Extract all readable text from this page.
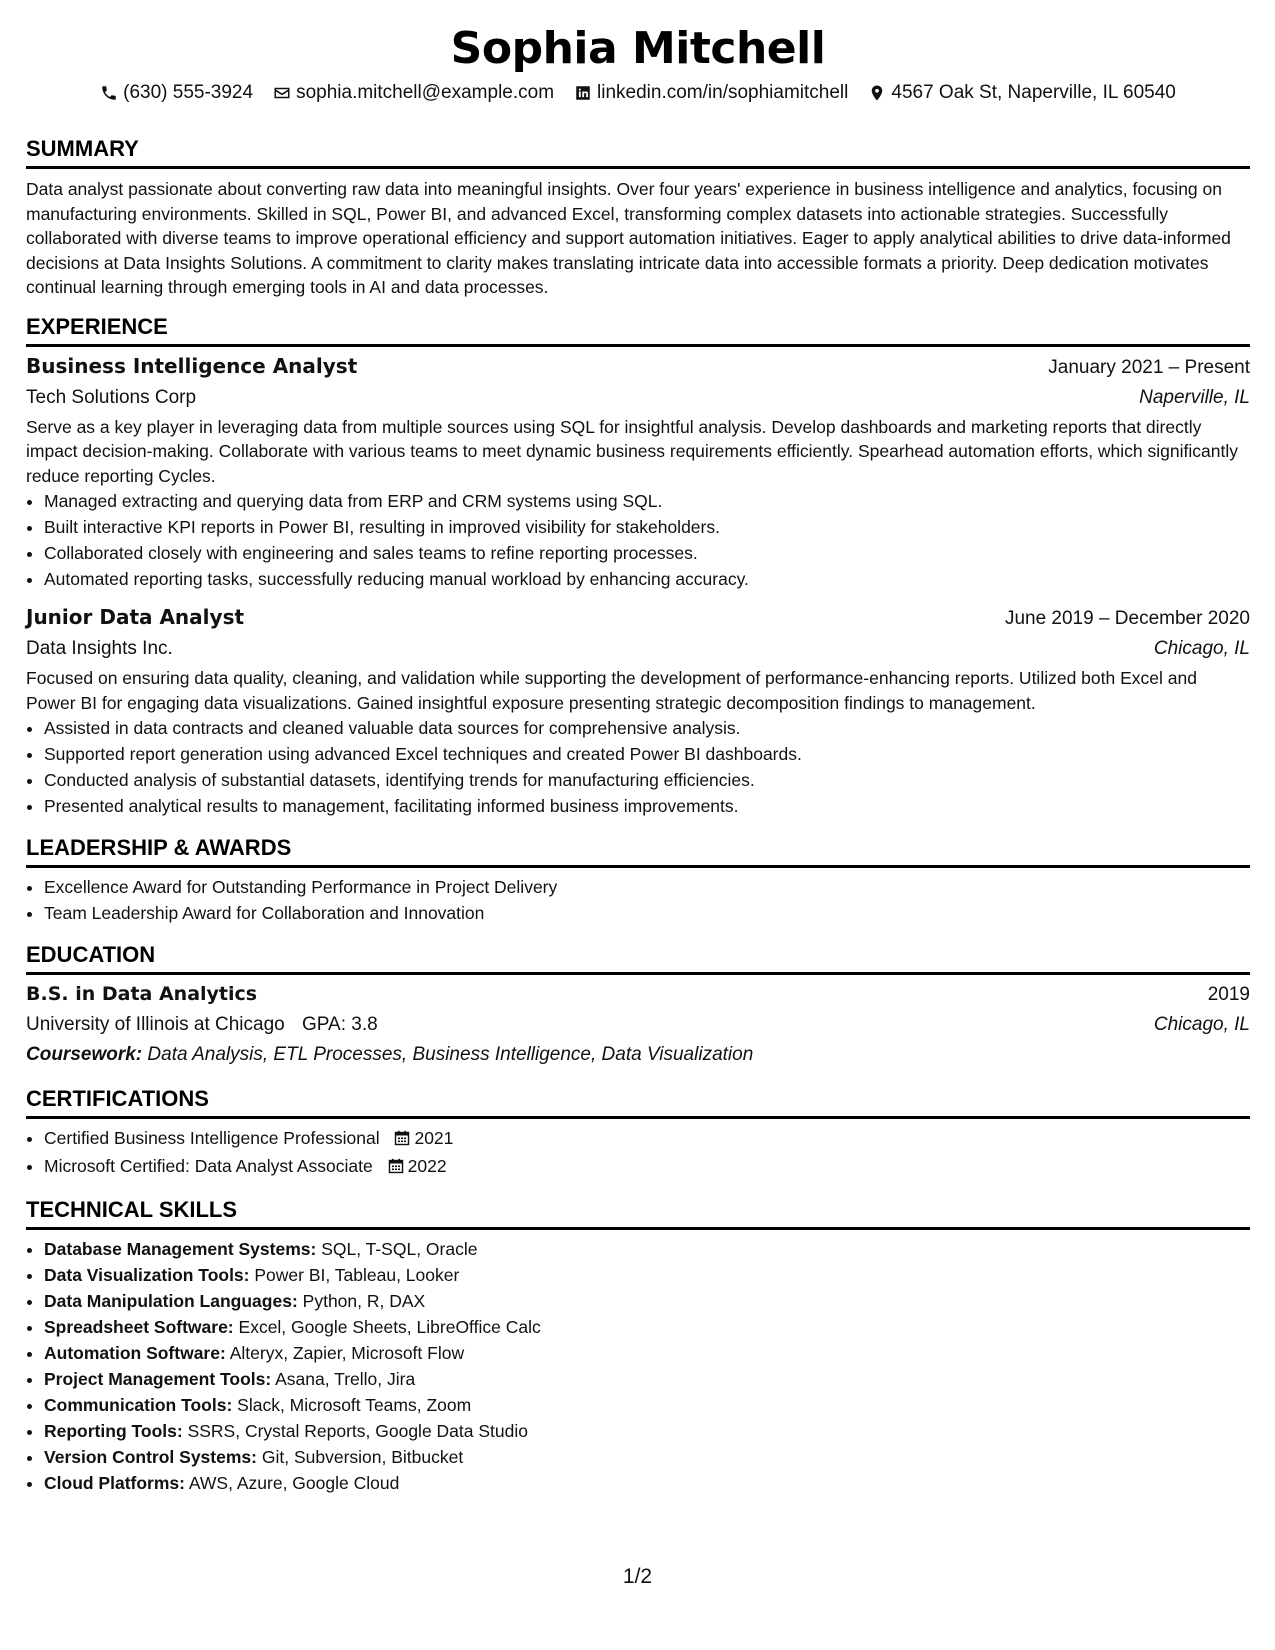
Sophia Mitchell
(630) 555-3924 sophia.mitchell@example.com linkedin.com/in/sophiamitchell 4567 Oak St, Naperville, IL 60540
SUMMARY

Data analyst passionate about converting raw data into meaningful insights. Over four years' experience in business intelligence and analytics, focusing on manufacturing environments. Skilled in SQL, Power BI, and advanced Excel, transforming complex datasets into actionable strategies. Successfully collaborated with diverse teams to improve operational efficiency and support automation initiatives. Eager to apply analytical abilities to drive data-informed decisions at Data Insights Solutions. A commitment to clarity makes translating intricate data into accessible formats a priority. Deep dedication motivates continual learning through emerging tools in AI and data processes.

EXPERIENCE
Business Intelligence Analyst	January 2021 – Present
Tech Solutions Corp	Naperville, IL

Serve as a key player in leveraging data from multiple sources using SQL for insightful analysis. Develop dashboards and marketing reports that directly impact decision-making. Collaborate with various teams to meet dynamic business requirements efficiently. Spearhead automation efforts, which significantly reduce reporting Cycles.

• Managed extracting and querying data from ERP and CRM systems using SQL.
• Built interactive KPI reports in Power BI, resulting in improved visibility for stakeholders.
• Collaborated closely with engineering and sales teams to refine reporting processes.
• Automated reporting tasks, successfully reducing manual workload by enhancing accuracy.
Junior Data Analyst	June 2019 – December 2020
Data Insights Inc.	Chicago, IL

Focused on ensuring data quality, cleaning, and validation while supporting the development of performance-enhancing reports. Utilized both Excel and Power BI for engaging data visualizations. Gained insightful exposure presenting strategic decomposition findings to management.

• Assisted in data contracts and cleaned valuable data sources for comprehensive analysis.
• Supported report generation using advanced Excel techniques and created Power BI dashboards.
• Conducted analysis of substantial datasets, identifying trends for manufacturing efficiencies.
• Presented analytical results to management, facilitating informed business improvements.
LEADERSHIP & AWARDS
• Excellence Award for Outstanding Performance in Project Delivery
• Team Leadership Award for Collaboration and Innovation
EDUCATION
B.S. in Data Analytics	2019
University of Illinois at Chicago GPA: 3.8	Chicago, IL
Coursework: Data Analysis, ETL Processes, Business Intelligence, Data Visualization
CERTIFICATIONS
• Certified Business Intelligence Professional 2021
• Microsoft Certified: Data Analyst Associate 2022
TECHNICAL SKILLS
• Database Management Systems: SQL, T-SQL, Oracle
• Data Visualization Tools: Power BI, Tableau, Looker
• Data Manipulation Languages: Python, R, DAX
• Spreadsheet Software: Excel, Google Sheets, LibreOffice Calc
• Automation Software: Alteryx, Zapier, Microsoft Flow
• Project Management Tools: Asana, Trello, Jira
• Communication Tools: Slack, Microsoft Teams, Zoom
• Reporting Tools: SSRS, Crystal Reports, Google Data Studio
• Version Control Systems: Git, Subversion, Bitbucket
• Cloud Platforms: AWS, Azure, Google Cloud
1/2
